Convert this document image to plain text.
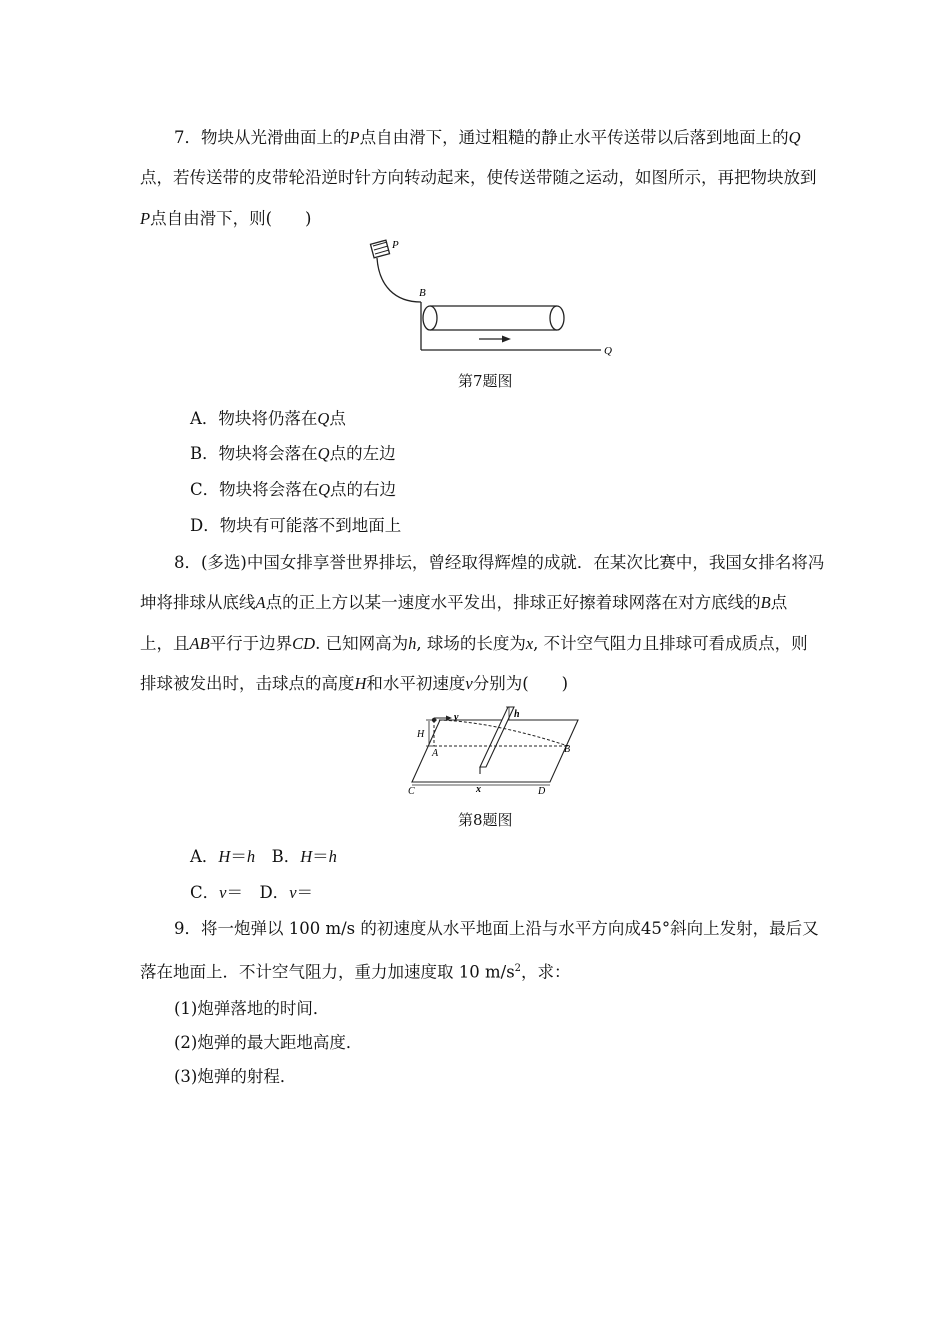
7．物块从光滑曲面上的P点自由滑下，通过粗糙的静止水平传送带以后落到地面上的Q
点，若传送带的皮带轮沿逆时针方向转动起来，使传送带随之运动，如图所示，再把物块放到
P点自由滑下，则(　　)
P
B
Q
第7题图
A．物块将仍落在Q点
B．物块将会落在Q点的左边
C．物块将会落在Q点的右边
D．物块有可能落不到地面上
8．(多选)中国女排享誉世界排坛，曾经取得辉煌的成就．在某次比赛中，我国女排名将冯
坤将排球从底线A点的正上方以某一速度水平发出，排球正好擦着球网落在对方底线的B点
上，且AB平行于边界CD. 已知网高为h, 球场的长度为x, 不计空气阻力且排球可看成质点，则
排球被发出时，击球点的高度H和水平初速度v分别为(　　)
v
H
h
A	B
C	D
x
第8题图
A．H＝h　B．H＝h
C．v＝　D．v＝
9．将一炮弹以 100 m/s 的初速度从水平地面上沿与水平方向成45°斜向上发射，最后又
落在地面上．不计空气阻力，重力加速度取 10 $m/s^2$，求：
(1)炮弹落地的时间．
(2)炮弹的最大距地高度．
(3)炮弹的射程．
